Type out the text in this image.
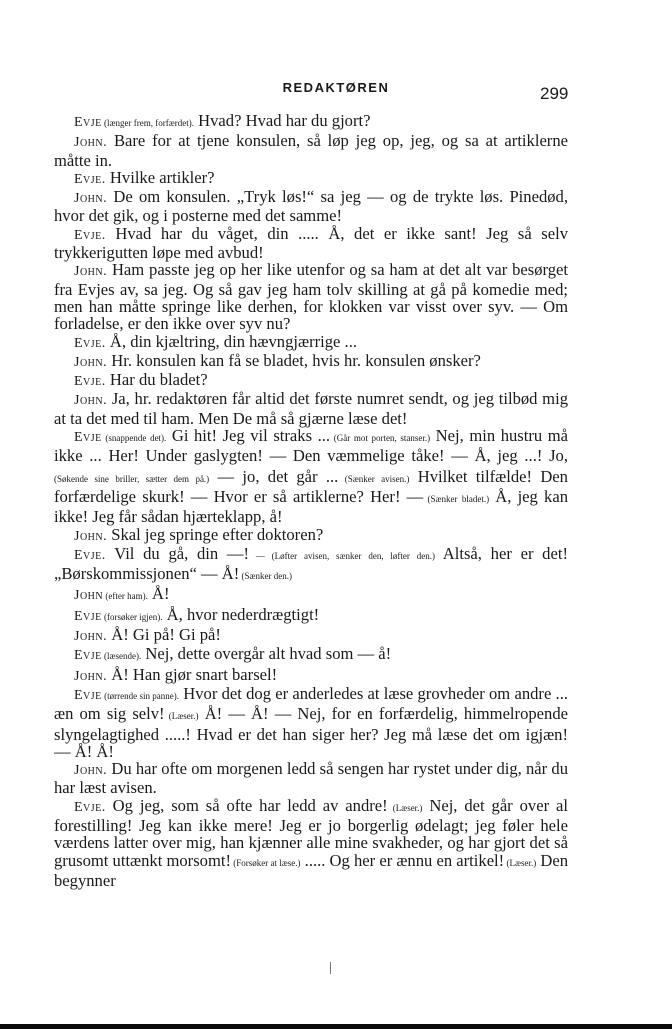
REDAKTØREN	299

Evje (længer frem, forfærdet). Hvad? Hvad har du gjort?

John. Bare for at tjene konsulen, så løp jeg op, jeg, og sa at artiklerne måtte in.

Evje. Hvilke artikler?

John. De om konsulen. „Tryk løs!“ sa jeg — og de trykte løs. Pinedød, hvor det gik, og i posterne med det samme!

Evje. Hvad har du våget, din ..... Å, det er ikke sant! Jeg så selv trykkerigutten løpe med avbud!

John. Ham passte jeg op her like utenfor og sa ham at det alt var besørget fra Evjes av, sa jeg. Og så gav jeg ham tolv skilling at gå på komedie med; men han måtte springe like derhen, for klokken var visst over syv. — Om forladelse, er den ikke over syv nu?

Evje. Å, din kjæltring, din hævngjærrige ...

John. Hr. konsulen kan få se bladet, hvis hr. konsulen ønsker?

Evje. Har du bladet?

John. Ja, hr. redaktøren får altid det første numret sendt, og jeg tilbød mig at ta det med til ham. Men De må så gjærne læse det!

Evje (snappende det). Gi hit! Jeg vil straks ... (Går mot porten, stanser.) Nej, min hustru må ikke ... Her! Under gaslygten! — Den væmmelige tåke! — Å, jeg ...! Jo, (Søkende sine briller, sætter dem på.) — jo, det går ... (Sænker avisen.) Hvilket tilfælde! Den forfærdelige skurk! — Hvor er så artiklerne? Her! — (Sænker bladet.) Å, jeg kan ikke! Jeg får sådan hjærteklapp, å!

John. Skal jeg springe efter doktoren?

Evje. Vil du gå, din —! — (Løfter avisen, sænker den, løfter den.) Altså, her er det! „Børskommissjonen“ — Å! (Sænker den.)

John (efter ham). Å!

Evje (forsøker igjen). Å, hvor nederdrægtigt!

John. Å! Gi på! Gi på!

Evje (læsende). Nej, dette overgår alt hvad som — å!

John. Å! Han gjør snart barsel!

Evje (tørrende sin panne). Hvor det dog er anderledes at læse grovheder om andre ... æn om sig selv! (Læser.) Å! — Å! — Nej, for en forfærdelig, himmelropende slyngelagtighed .....! Hvad er det han siger her? Jeg må læse det om igjæn! — Å! Å!

John. Du har ofte om morgenen ledd så sengen har rystet under dig, når du har læst avisen.

Evje. Og jeg, som så ofte har ledd av andre! (Læser.) Nej, det går over al forestilling! Jeg kan ikke mere! Jeg er jo borgerlig ødelagt; jeg føler hele værdens latter over mig, han kjænner alle mine svakheder, og har gjort det så grusomt uttænkt morsomt! (Forsøker at læse.) ..... Og her er ænnu en artikel! (Læser.) Den begynner
